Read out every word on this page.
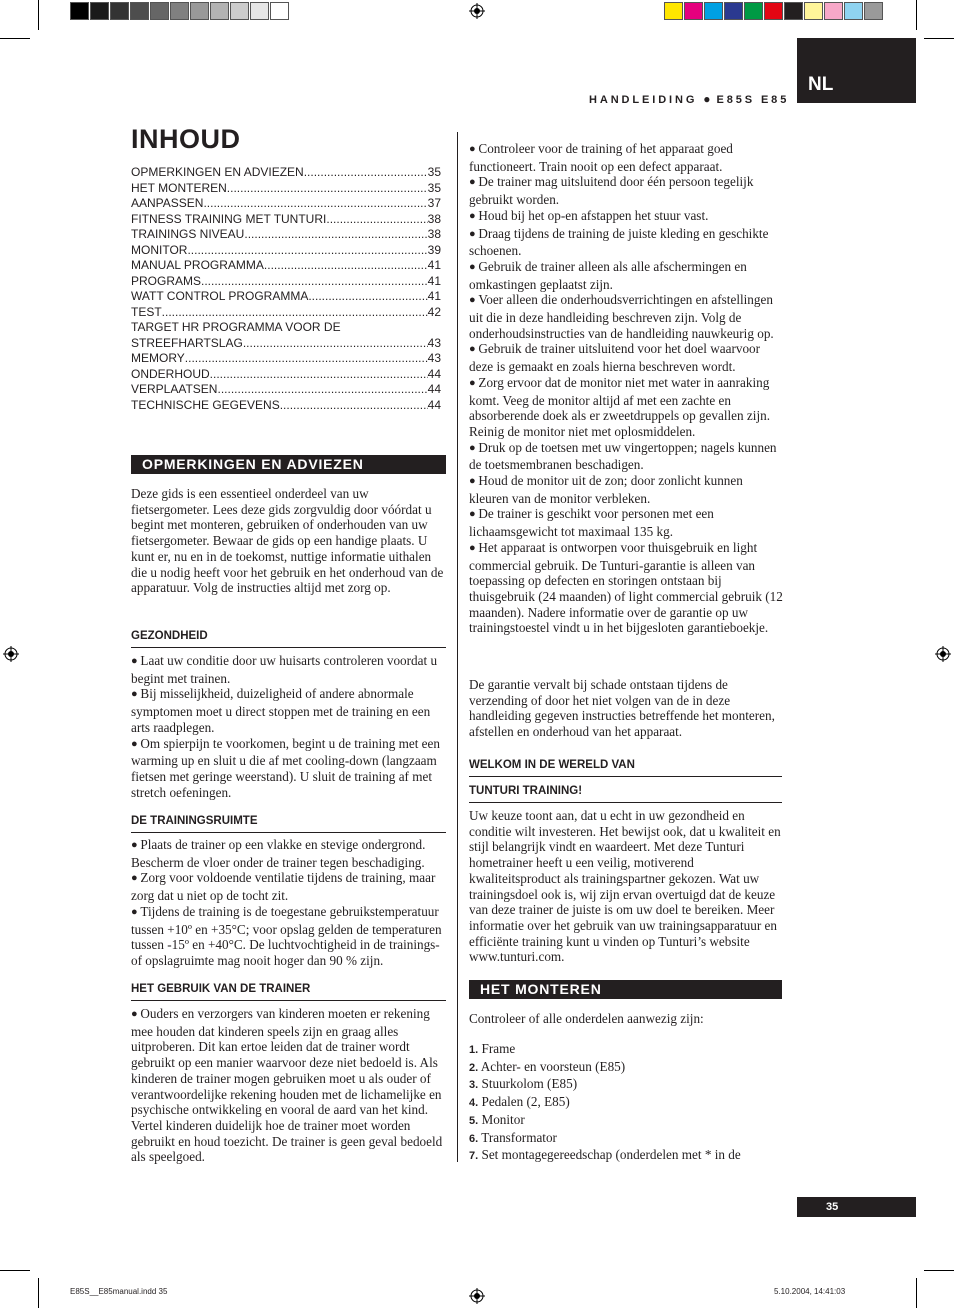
NL
HANDLEIDING ● E85S E85
INHOUD
OPMERKINGEN EN ADVIEZEN .....	35
HET MONTEREN .....	35
AANPASSEN .....	37
FITNESS TRAINING MET TUNTURI .....	38
TRAININGS NIVEAU .....	38
MONITOR .....	39
MANUAL PROGRAMMA .....	41
PROGRAMS .....	41
WATT CONTROL PROGRAMMA .....	41
TEST .....	42
TARGET HR PROGRAMMA VOOR DE
STREEFHARTSLAG .....	43
MEMORY .....	43
ONDERHOUD .....	44
VERPLAATSEN .....	44
TECHNISCHE GEGEVENS .....	44
OPMERKINGEN EN ADVIEZEN

Deze gids is een essentieel onderdeel van uw fietsergometer. Lees deze gids zorgvuldig door vóórdat u begint met monteren, gebruiken of onderhouden van uw fietsergometer. Bewaar de gids op een handige plaats. U kunt er, nu en in de toekomst, nuttige informatie uithalen die u nodig heeft voor het gebruik en het onderhoud van de apparatuur. Volg de instructies altijd met zorg op.

GEZONDHEID

● Laat uw conditie door uw huisarts controleren voordat u begint met trainen.

● Bij misselijkheid, duizeligheid of andere abnormale symptomen moet u direct stoppen met de training en een arts raadplegen.

● Om spierpijn te voorkomen, begint u de training met een warming up en sluit u die af met cooling-down (langzaam fietsen met geringe weerstand). U sluit de training af met stretch oefeningen.

DE TRAININGSRUIMTE

● Plaats de trainer op een vlakke en stevige ondergrond. Bescherm de vloer onder de trainer tegen beschadiging.

● Zorg voor voldoende ventilatie tijdens de training, maar zorg dat u niet op de tocht zit.

● Tijdens de training is de toegestane gebruikstemperatuur tussen +10º en +35°C; voor opslag gelden de temperaturen tussen -15º en +40°C. De luchtvochtigheid in de trainings- of opslagruimte mag nooit hoger dan 90 % zijn.

HET GEBRUIK VAN DE TRAINER

● Ouders en verzorgers van kinderen moeten er rekening mee houden dat kinderen speels zijn en graag alles uitproberen. Dit kan ertoe leiden dat de trainer wordt gebruikt op een manier waarvoor deze niet bedoeld is. Als kinderen de trainer mogen gebruiken moet u als ouder of verantwoordelijke rekening houden met de lichamelijke en psychische ontwikkeling en vooral de aard van het kind. Vertel kinderen duidelijk hoe de trainer moet worden gebruikt en houd toezicht. De trainer is geen geval bedoeld als speelgoed.

● Controleer voor de training of het apparaat goed functioneert. Train nooit op een defect apparaat.

● De trainer mag uitsluitend door één persoon tegelijk gebruikt worden.

● Houd bij het op-en afstappen het stuur vast.

● Draag tijdens de training de juiste kleding en geschikte schoenen.

● Gebruik de trainer alleen als alle afschermingen en omkastingen geplaatst zijn.

● Voer alleen die onderhoudsverrichtingen en afstellingen uit die in deze handleiding beschreven zijn. Volg de onderhoudsinstructies van de handleiding nauwkeurig op.

● Gebruik de trainer uitsluitend voor het doel waarvoor deze is gemaakt en zoals hierna beschreven wordt.

● Zorg ervoor dat de monitor niet met water in aanraking komt. Veeg de monitor altijd af met een zachte en absorberende doek als er zweetdruppels op gevallen zijn. Reinig de monitor niet met oplosmiddelen.

● Druk op de toetsen met uw vingertoppen; nagels kunnen de toetsmembranen beschadigen.

● Houd de monitor uit de zon; door zonlicht kunnen kleuren van de monitor verbleken.

● De trainer is geschikt voor personen met een lichaamsgewicht tot maximaal 135 kg.

● Het apparaat is ontworpen voor thuisgebruik en light commercial gebruik. De Tunturi-garantie is alleen van toepassing op defecten en storingen ontstaan bij thuisgebruik (24 maanden) of light commercial gebruik (12 maanden). Nadere informatie over de garantie op uw trainingstoestel vindt u in het bijgesloten garantieboekje.

De garantie vervalt bij schade ontstaan tijdens de verzending of door het niet volgen van de in deze handleiding gegeven instructies betreffende het monteren, afstellen en onderhoud van het apparaat.

WELKOM IN DE WERELD VAN
TUNTURI TRAINING!

Uw keuze toont aan, dat u echt in uw gezondheid en conditie wilt investeren. Het bewijst ook, dat u kwaliteit en stijl belangrijk vindt en waardeert. Met deze Tunturi hometrainer heeft u een veilig, motiverend kwaliteitsproduct als trainingspartner gekozen. Wat uw trainingsdoel ook is, wij zijn ervan overtuigd dat de keuze van deze trainer de juiste is om uw doel te bereiken. Meer informatie over het gebruik van uw trainingsapparatuur en efficiënte training kunt u vinden op Tunturi’s website www.tunturi.com.

HET MONTEREN

Controleer of alle onderdelen aanwezig zijn:

1. Frame

2. Achter- en voorsteun (E85)

3. Stuurkolom (E85)

4. Pedalen (2, E85)

5. Monitor

6. Transformator

7. Set montagegereedschap (onderdelen met * in de

35
E85S__E85manual.indd 35	5.10.2004, 14:41:03
